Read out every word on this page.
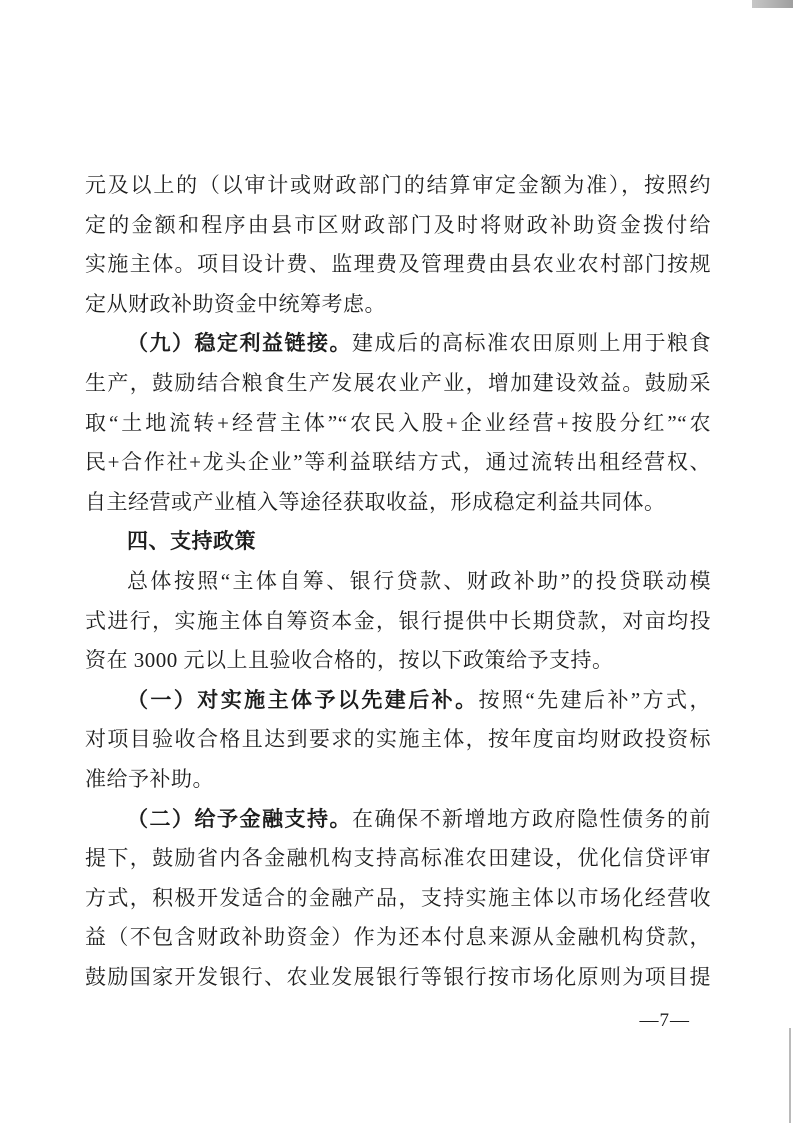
元及以上的（以审计或财政部门的结算审定金额为准），按照约
定的金额和程序由县市区财政部门及时将财政补助资金拨付给
实施主体。项目设计费、监理费及管理费由县农业农村部门按规
定从财政补助资金中统筹考虑。
（九）稳定利益链接。建成后的高标准农田原则上用于粮食
生产，鼓励结合粮食生产发展农业产业，增加建设效益。鼓励采
取“土地流转+经营主体”“农民入股+企业经营+按股分红”“农
民+合作社+龙头企业”等利益联结方式，通过流转出租经营权、
自主经营或产业植入等途径获取收益，形成稳定利益共同体。
四、支持政策
总体按照“主体自筹、银行贷款、财政补助”的投贷联动模
式进行，实施主体自筹资本金，银行提供中长期贷款，对亩均投
资在 3000 元以上且验收合格的，按以下政策给予支持。
（一）对实施主体予以先建后补。按照“先建后补”方式，
对项目验收合格且达到要求的实施主体，按年度亩均财政投资标
准给予补助。
（二）给予金融支持。在确保不新增地方政府隐性债务的前
提下，鼓励省内各金融机构支持高标准农田建设，优化信贷评审
方式，积极开发适合的金融产品，支持实施主体以市场化经营收
益（不包含财政补助资金）作为还本付息来源从金融机构贷款，
鼓励国家开发银行、农业发展银行等银行按市场化原则为项目提
—7—
